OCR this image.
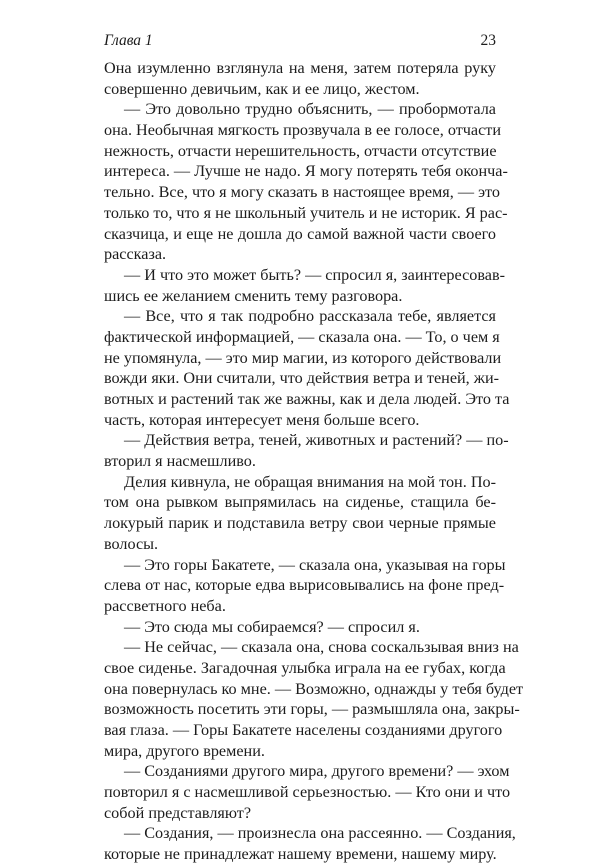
Глава 1	23
Она изумленно взглянула на меня, затем потеряла руку
совершенно девичьим, как и ее лицо, жестом.
— Это довольно трудно объяснить, — пробормотала
она. Необычная мягкость прозвучала в ее голосе, отчасти
нежность, отчасти нерешительность, отчасти отсутствие
интереса. — Лучше не надо. Я могу потерять тебя оконча-
тельно. Все, что я могу сказать в настоящее время, — это
только то, что я не школьный учитель и не историк. Я рас-
сказчица, и еще не дошла до самой важной части своего
рассказа.
— И что это может быть? — спросил я, заинтересовав-
шись ее желанием сменить тему разговора.
— Все, что я так подробно рассказала тебе, является
фактической информацией, — сказала она. — То, о чем я
не упомянула, — это мир магии, из которого действовали
вожди яки. Они считали, что действия ветра и теней, жи-
вотных и растений так же важны, как и дела людей. Это та
часть, которая интересует меня больше всего.
— Действия ветра, теней, животных и растений? — по-
вторил я насмешливо.
Делия кивнула, не обращая внимания на мой тон. По-
том она рывком выпрямилась на сиденье, стащила бе-
локурый парик и подставила ветру свои черные прямые
волосы.
— Это горы Бакатете, — сказала она, указывая на горы
слева от нас, которые едва вырисовывались на фоне пред-
рассветного неба.
— Это сюда мы собираемся? — спросил я.
— Не сейчас, — сказала она, снова соскальзывая вниз на
свое сиденье. Загадочная улыбка играла на ее губах, когда
она повернулась ко мне. — Возможно, однажды у тебя будет
возможность посетить эти горы, — размышляла она, закры-
вая глаза. — Горы Бакатете населены созданиями другого
мира, другого времени.
— Созданиями другого мира, другого времени? — эхом
повторил я с насмешливой серьезностью. — Кто они и что
собой представляют?
— Создания, — произнесла она рассеянно. — Создания,
которые не принадлежат нашему времени, нашему миру.
